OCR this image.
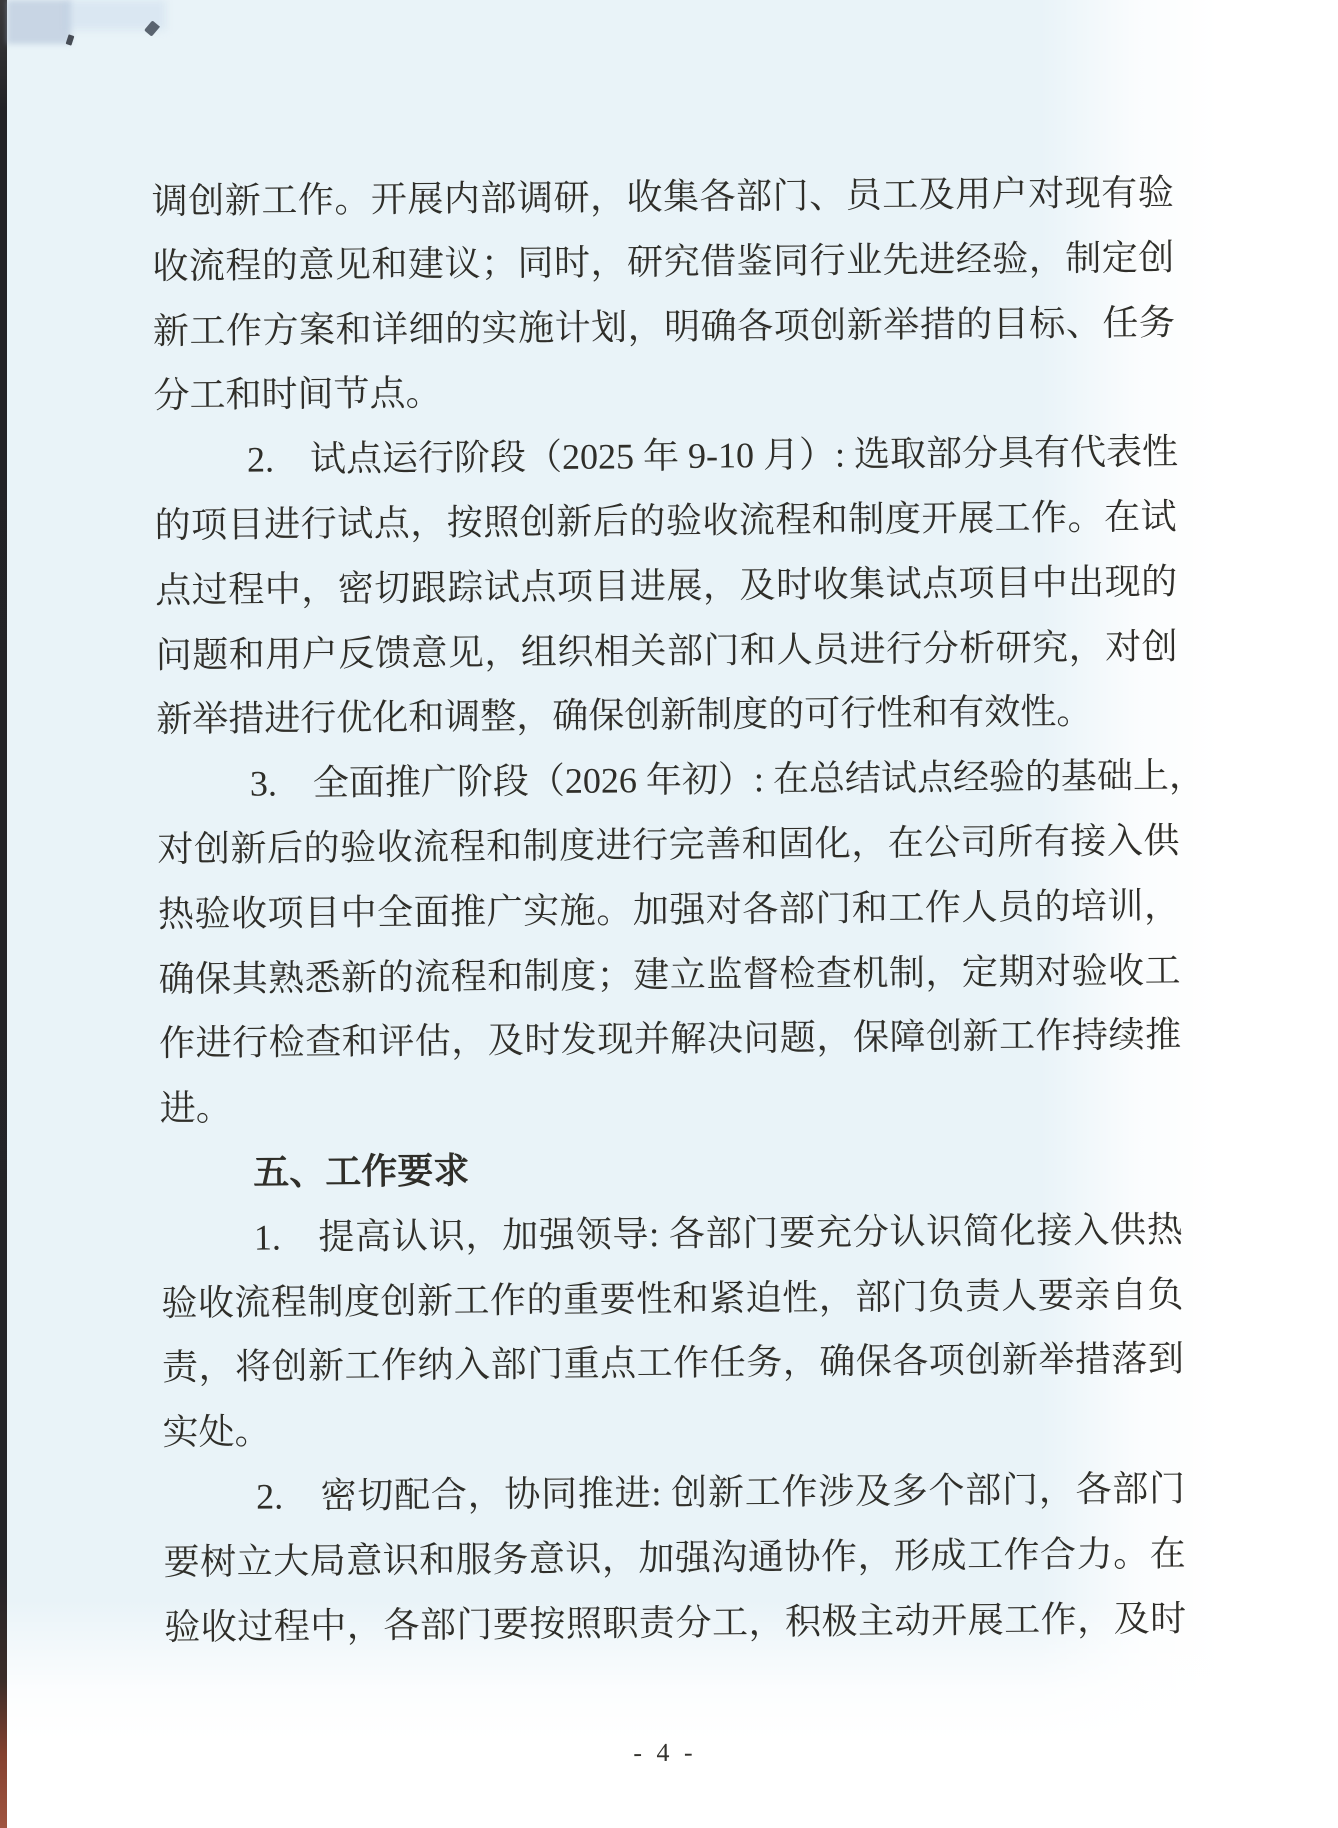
调创新工作。开展内部调研，收集各部门、员工及用户对现有验
收流程的意见和建议；同时，研究借鉴同行业先进经验，制定创
新工作方案和详细的实施计划，明确各项创新举措的目标、任务
分工和时间节点。
2.　试点运行阶段（2025 年 9-10 月）: 选取部分具有代表性
的项目进行试点，按照创新后的验收流程和制度开展工作。在试
点过程中，密切跟踪试点项目进展，及时收集试点项目中出现的
问题和用户反馈意见，组织相关部门和人员进行分析研究，对创
新举措进行优化和调整，确保创新制度的可行性和有效性。
3.　全面推广阶段（2026 年初）: 在总结试点经验的基础上，
对创新后的验收流程和制度进行完善和固化，在公司所有接入供
热验收项目中全面推广实施。加强对各部门和工作人员的培训，
确保其熟悉新的流程和制度；建立监督检查机制，定期对验收工
作进行检查和评估，及时发现并解决问题，保障创新工作持续推
进。
五、工作要求
1.　提高认识，加强领导: 各部门要充分认识简化接入供热
验收流程制度创新工作的重要性和紧迫性，部门负责人要亲自负
责，将创新工作纳入部门重点工作任务，确保各项创新举措落到
实处。
2.　密切配合，协同推进: 创新工作涉及多个部门，各部门
要树立大局意识和服务意识，加强沟通协作，形成工作合力。在
验收过程中，各部门要按照职责分工，积极主动开展工作，及时
- 4 -
